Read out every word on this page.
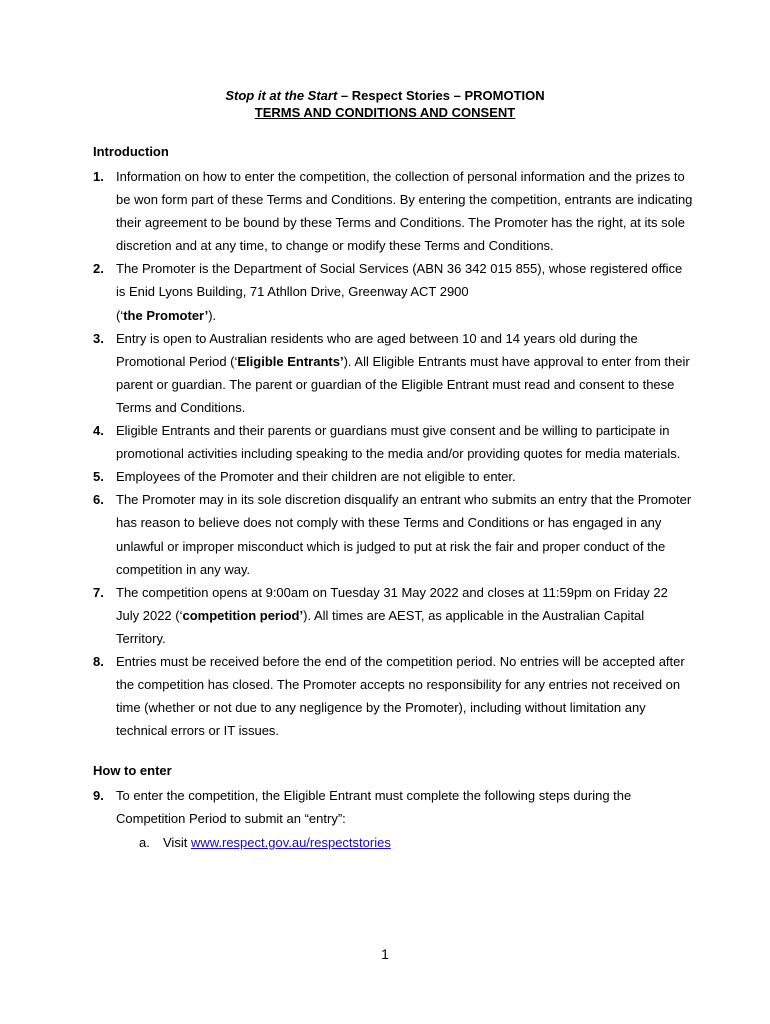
Stop it at the Start – Respect Stories – PROMOTION
TERMS AND CONDITIONS AND CONSENT
Introduction
1. Information on how to enter the competition, the collection of personal information and the prizes to be won form part of these Terms and Conditions. By entering the competition, entrants are indicating their agreement to be bound by these Terms and Conditions. The Promoter has the right, at its sole discretion and at any time, to change or modify these Terms and Conditions.
2. The Promoter is the Department of Social Services (ABN 36 342 015 855), whose registered office is Enid Lyons Building, 71 Athllon Drive, Greenway ACT 2900
(‘the Promoter’).
3. Entry is open to Australian residents who are aged between 10 and 14 years old during the Promotional Period (‘Eligible Entrants’). All Eligible Entrants must have approval to enter from their parent or guardian. The parent or guardian of the Eligible Entrant must read and consent to these Terms and Conditions.
4. Eligible Entrants and their parents or guardians must give consent and be willing to participate in promotional activities including speaking to the media and/or providing quotes for media materials.
5. Employees of the Promoter and their children are not eligible to enter.
6. The Promoter may in its sole discretion disqualify an entrant who submits an entry that the Promoter has reason to believe does not comply with these Terms and Conditions or has engaged in any unlawful or improper misconduct which is judged to put at risk the fair and proper conduct of the competition in any way.
7. The competition opens at 9:00am on Tuesday 31 May 2022 and closes at 11:59pm on Friday 22 July 2022 (‘competition period’). All times are AEST, as applicable in the Australian Capital Territory.
8. Entries must be received before the end of the competition period. No entries will be accepted after the competition has closed. The Promoter accepts no responsibility for any entries not received on time (whether or not due to any negligence by the Promoter), including without limitation any technical errors or IT issues.
How to enter
9. To enter the competition, the Eligible Entrant must complete the following steps during the Competition Period to submit an “entry”:
a. Visit www.respect.gov.au/respectstories
1
